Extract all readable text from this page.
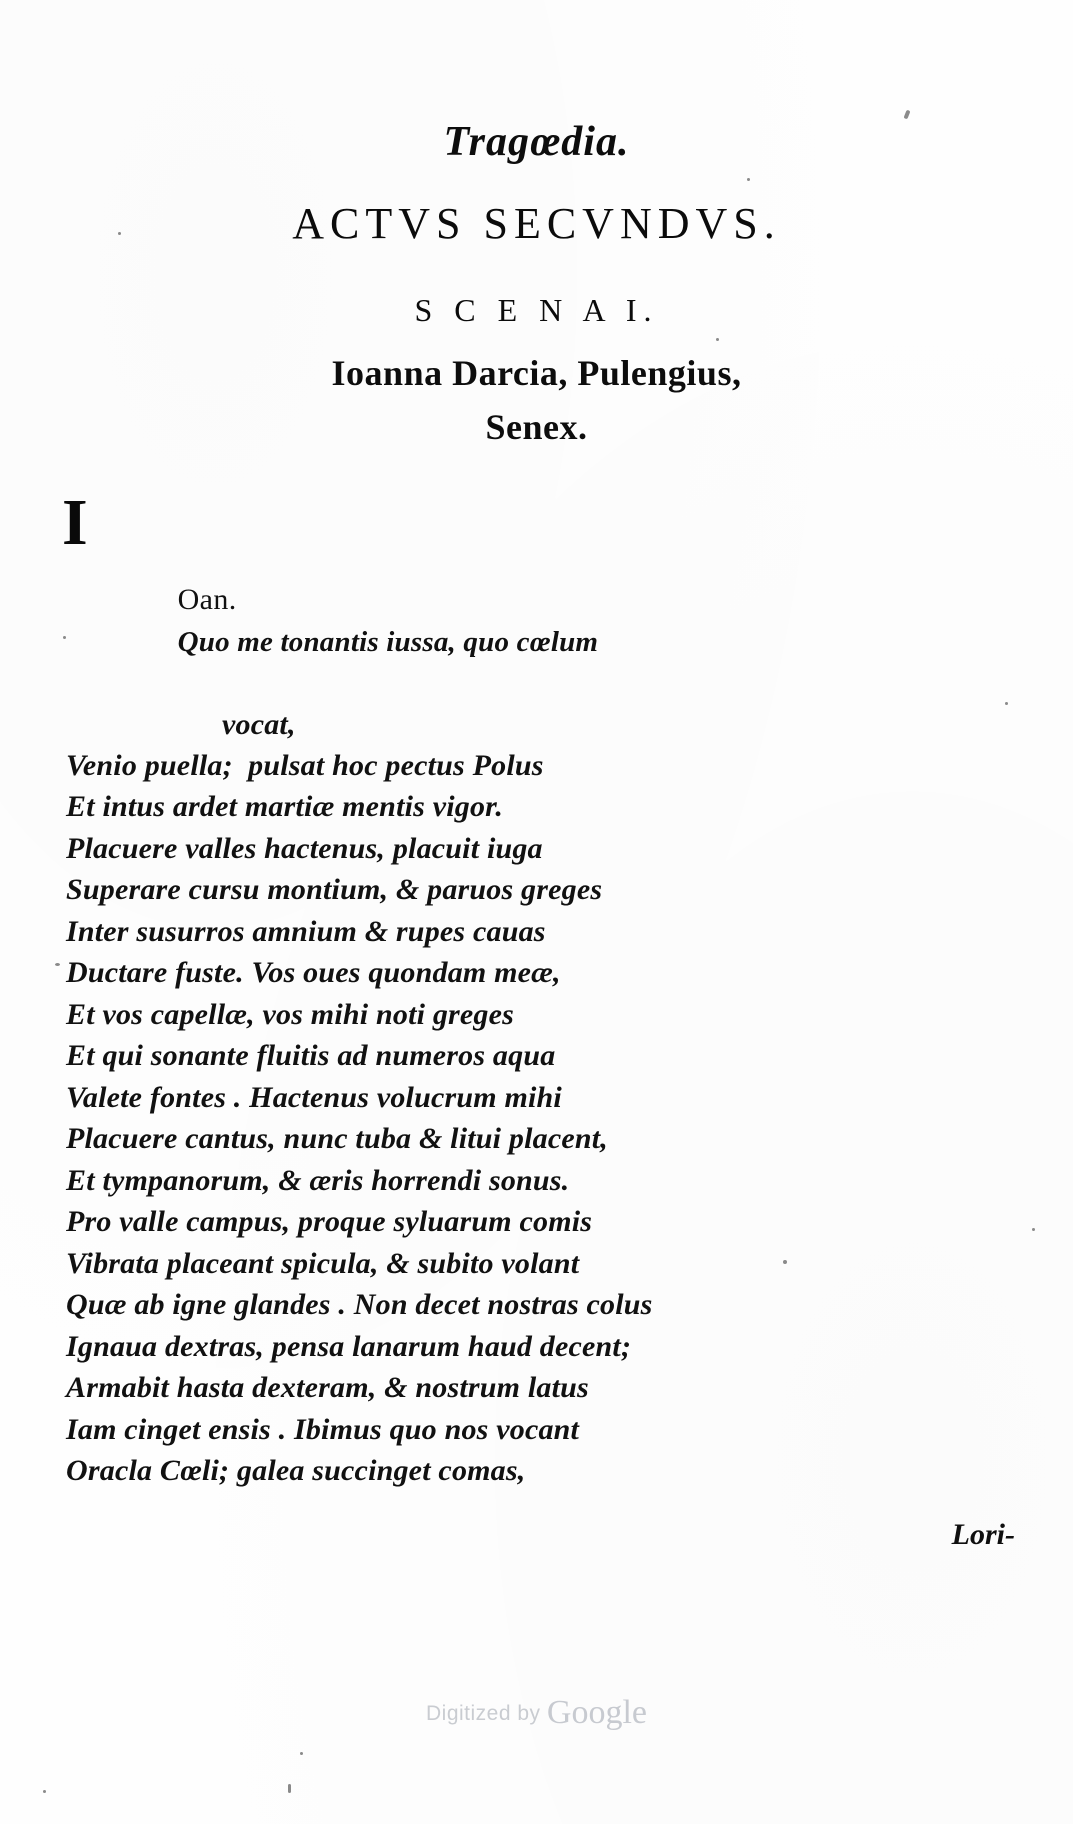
Tragœdia.
ACTVS SECVNDVS.
S C E N A I.
Ioanna Darcia, Pulengius,
Senex.

I

Oan.
Quo me tonantis iussa, quo cœlum

vocat,
Venio puella;  pulsat hoc pectus Polus
Et intus ardet martiæ mentis vigor.
Placuere valles hactenus, placuit iuga
Superare cursu montium, & paruos greges
Inter susurros amnium & rupes cauas
Ductare fuste. Vos oues quondam meæ,
Et vos capellæ, vos mihi noti greges
Et qui sonante fluitis ad numeros aqua
Valete fontes . Hactenus volucrum mihi
Placuere cantus, nunc tuba & litui placent,
Et tympanorum, & æris horrendi sonus.
Pro valle campus, proque syluarum comis
Vibrata placeant spicula, & subito volant
Quæ ab igne glandes . Non decet nostras colus
Ignaua dextras, pensa lanarum haud decent;
Armabit hasta dexteram, & nostrum latus
Iam cinget ensis . Ibimus quo nos vocant
Oracla Cœli; galea succinget comas,
Lori-
Digitized by Google
